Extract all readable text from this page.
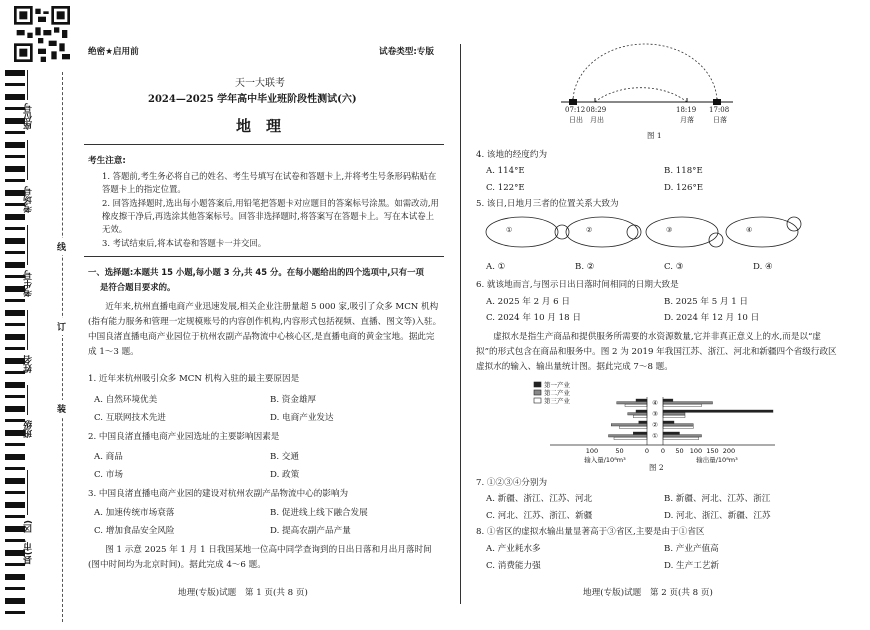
座位号
考场号
考生号
姓名
班级
县(市、区)
线
订
装
绝密★启用前	试卷类型:专版
天一大联考
2024—2025 学年高中毕业班阶段性测试(六)
地　理
考生注意:
1. 答题前,考生务必将自己的姓名、考生号填写在试卷和答题卡上,并将考生号条形码粘贴在答题卡上的指定位置。
2. 回答选择题时,选出每小题答案后,用铅笔把答题卡对应题目的答案标号涂黑。如需改动,用橡皮擦干净后,再选涂其他答案标号。回答非选择题时,将答案写在答题卡上。写在本试卷上无效。
3. 考试结束后,将本试卷和答题卡一并交回。
一、选择题:本题共 15 小题,每小题 3 分,共 45 分。在每小题给出的四个选项中,只有一项
是符合题目要求的。
近年来,杭州直播电商产业迅速发展,相关企业注册量超 5 000 家,吸引了众多 MCN 机构(指有能力服务和管理一定规模账号的内容创作机构,内容形式包括视频、直播、图文等)入驻。中国良渚直播电商产业园位于杭州农副产品物流中心核心区,是直播电商的黄金宝地。据此完成 1～3 题。
1. 近年来杭州吸引众多 MCN 机构入驻的最主要原因是
A. 自然环境优美	B. 资金雄厚
C. 互联网技术先进	D. 电商产业发达
2. 中国良渚直播电商产业园选址的主要影响因素是
A. 商品	B. 交通
C. 市场	D. 政策
3. 中国良渚直播电商产业园的建设对杭州农副产品物流中心的影响为
A. 加速传统市场衰落	B. 促进线上线下融合发展
C. 增加食品安全风险	D. 提高农副产品产量
图 1 示意 2025 年 1 月 1 日我国某地一位高中同学查询到的日出日落和月出月落时间(图中时间均为北京时间)。据此完成 4～6 题。
地理(专版)试题　第 1 页(共 8 页)
07:12
日出
08:29
月出
18:19
月落
17:08
日落
图 1
4. 该地的经度约为
A. 114°E	B. 118°E
C. 122°E	D. 126°E
5. 该日,日地月三者的位置关系大致为
①	②	③	④
A. ①	B. ②	C. ③	D. ④
6. 就该地而言,与图示日出日落时间相同的日期大致是
A. 2025 年 2 月 6 日	B. 2025 年 5 月 1 日
C. 2024 年 10 月 18 日	D. 2024 年 12 月 10 日
虚拟水是指生产商品和提供服务所需要的水资源数量,它并非真正意义上的水,而是以“虚拟”的形式包含在商品和服务中。图 2 为 2019 年我国江苏、浙江、河北和新疆四个省级行政区虚拟水的输入、输出量统计图。据此完成 7～8 题。
第一产业
第二产业
第三产业	④
③
②
①
100	50	0 0 50 100 150 200
输入量/10⁸m³	输出量/10⁸m³
图 2
7. ①②③④分别为
A. 新疆、浙江、江苏、河北	B. 新疆、河北、江苏、浙江
C. 河北、江苏、浙江、新疆	D. 河北、浙江、新疆、江苏
8. ①省区的虚拟水输出量显著高于③省区,主要是由于①省区
A. 产业耗水多	B. 产业产值高
C. 消费能力强	D. 生产工艺新
地理(专版)试题　第 2 页(共 8 页)
